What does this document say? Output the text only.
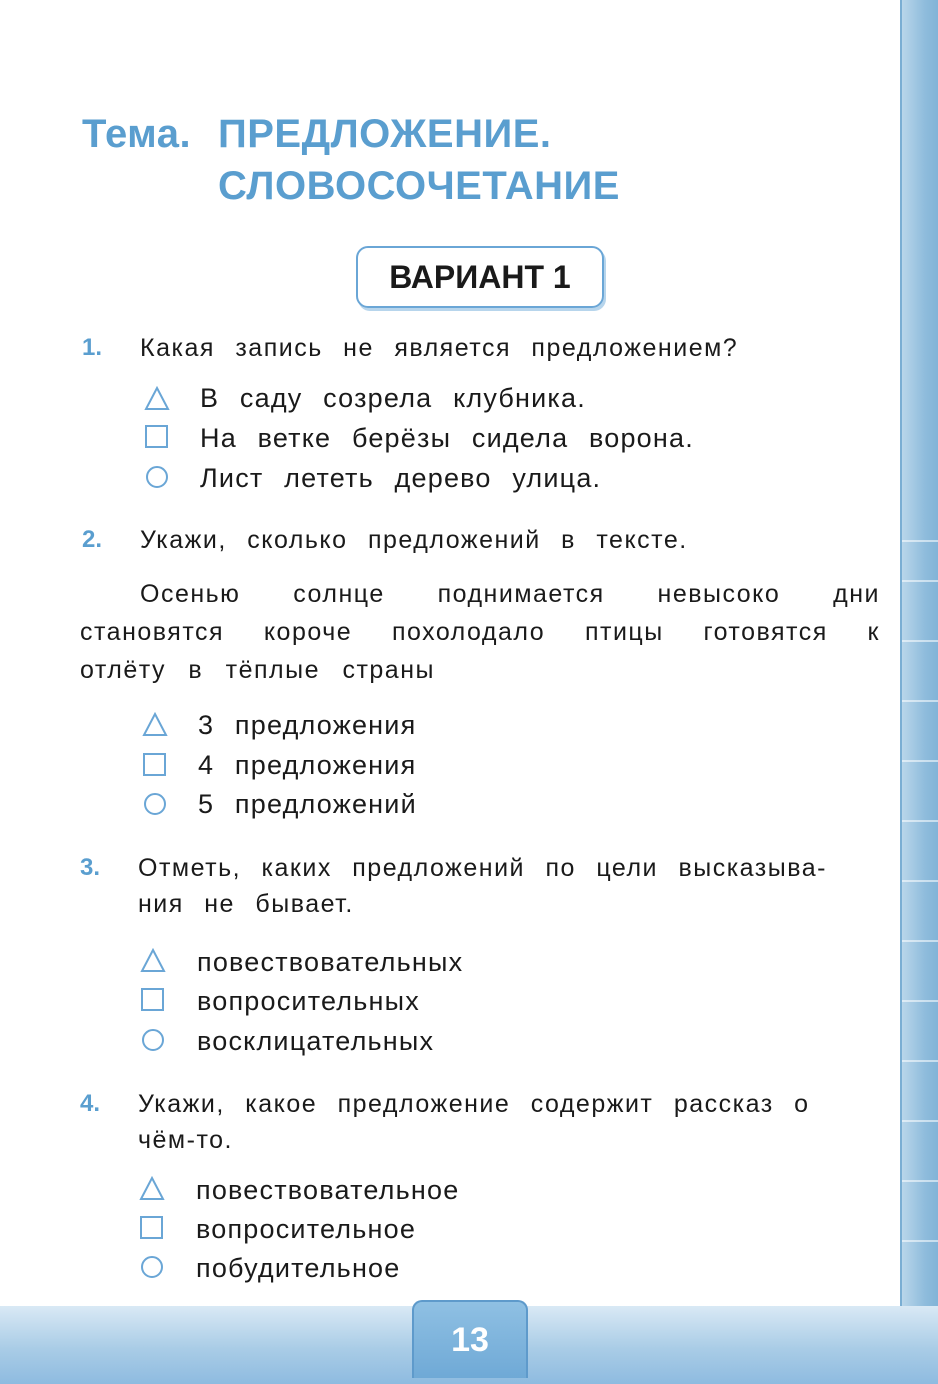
13
Тема. ПРЕДЛОЖЕНИЕ.
СЛОВОСОЧЕТАНИЕ
ВАРИАНТ 1
1. Какая запись не является предложением?
В саду созрела клубника.
На ветке берёзы сидела ворона.
Лист лететь дерево улица.
2. Укажи, сколько предложений в тексте.
Осенью солнце поднимается невысоко дни становятся короче похолодало птицы готовятся к отлёту в тёплые страны
3 предложения
4 предложения
5 предложений
3. Отметь, каких предложений по цели высказыва-
ния не бывает.
повествовательных
вопросительных
восклицательных
4. Укажи, какое предложение содержит рассказ о
чём-то.
повествовательное
вопросительное
побудительное
